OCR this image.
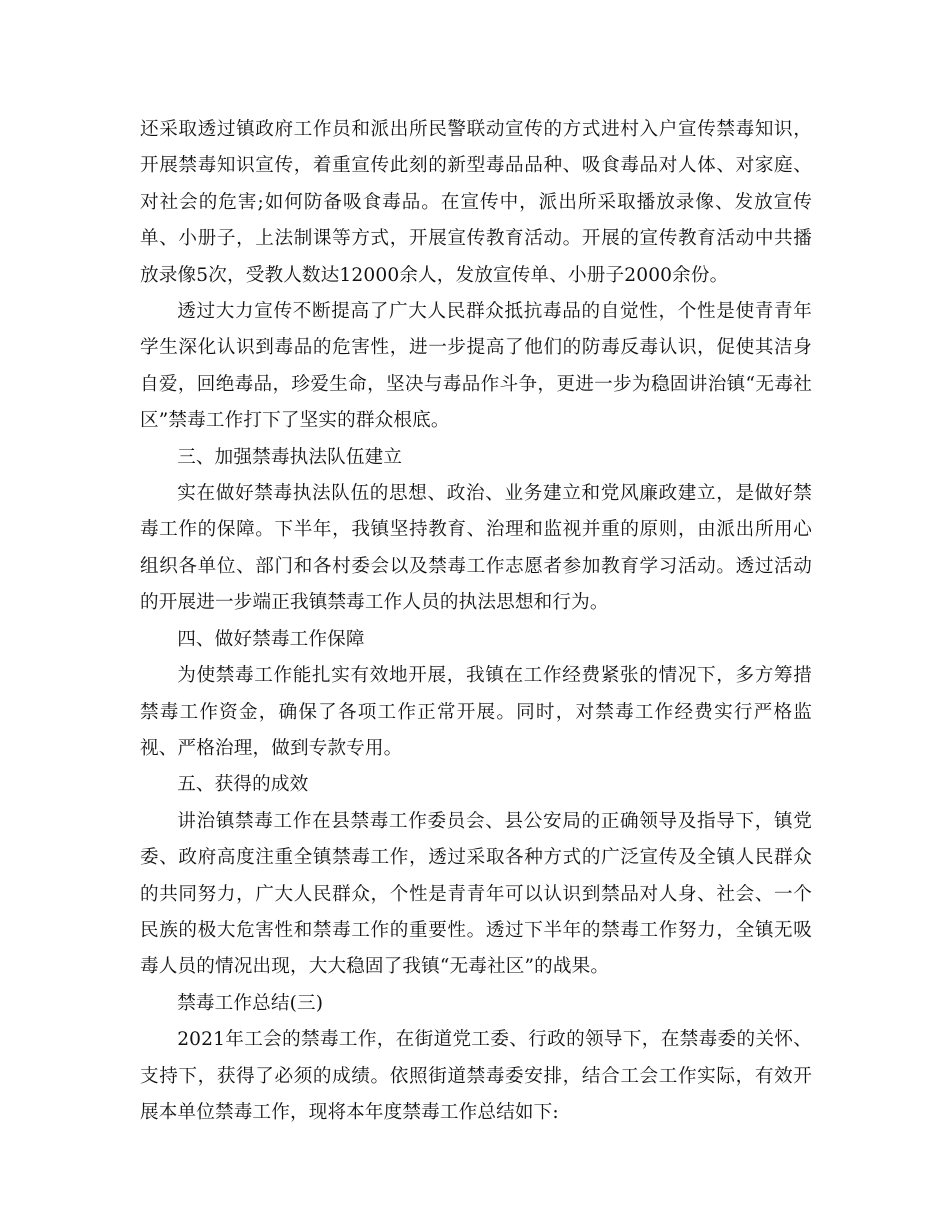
还采取透过镇政府工作员和派出所民警联动宣传的方式进村入户宣传禁毒知识，开展禁毒知识宣传，着重宣传此刻的新型毒品品种、吸食毒品对人体、对家庭、对社会的危害;如何防备吸食毒品。在宣传中，派出所采取播放录像、发放宣传单、小册子，上法制课等方式，开展宣传教育活动。开展的宣传教育活动中共播放录像5次，受教人数达12000余人，发放宣传单、小册子2000余份。

透过大力宣传不断提高了广大人民群众抵抗毒品的自觉性，个性是使青青年学生深化认识到毒品的危害性，进一步提高了他们的防毒反毒认识，促使其洁身自爱，回绝毒品，珍爱生命，坚决与毒品作斗争，更进一步为稳固讲治镇“无毒社区”禁毒工作打下了坚实的群众根底。

三、加强禁毒执法队伍建立

实在做好禁毒执法队伍的思想、政治、业务建立和党风廉政建立，是做好禁毒工作的保障。下半年，我镇坚持教育、治理和监视并重的原则，由派出所用心组织各单位、部门和各村委会以及禁毒工作志愿者参加教育学习活动。透过活动的开展进一步端正我镇禁毒工作人员的执法思想和行为。

四、做好禁毒工作保障

为使禁毒工作能扎实有效地开展，我镇在工作经费紧张的情况下，多方筹措禁毒工作资金，确保了各项工作正常开展。同时，对禁毒工作经费实行严格监视、严格治理，做到专款专用。

五、获得的成效

讲治镇禁毒工作在县禁毒工作委员会、县公安局的正确领导及指导下，镇党委、政府高度注重全镇禁毒工作，透过采取各种方式的广泛宣传及全镇人民群众的共同努力，广大人民群众，个性是青青年可以认识到禁品对人身、社会、一个民族的极大危害性和禁毒工作的重要性。透过下半年的禁毒工作努力，全镇无吸毒人员的情况出现，大大稳固了我镇“无毒社区”的战果。

禁毒工作总结(三)

2021年工会的禁毒工作，在街道党工委、行政的领导下，在禁毒委的关怀、支持下，获得了必须的成绩。依照街道禁毒委安排，结合工会工作实际，有效开展本单位禁毒工作，现将本年度禁毒工作总结如下:
